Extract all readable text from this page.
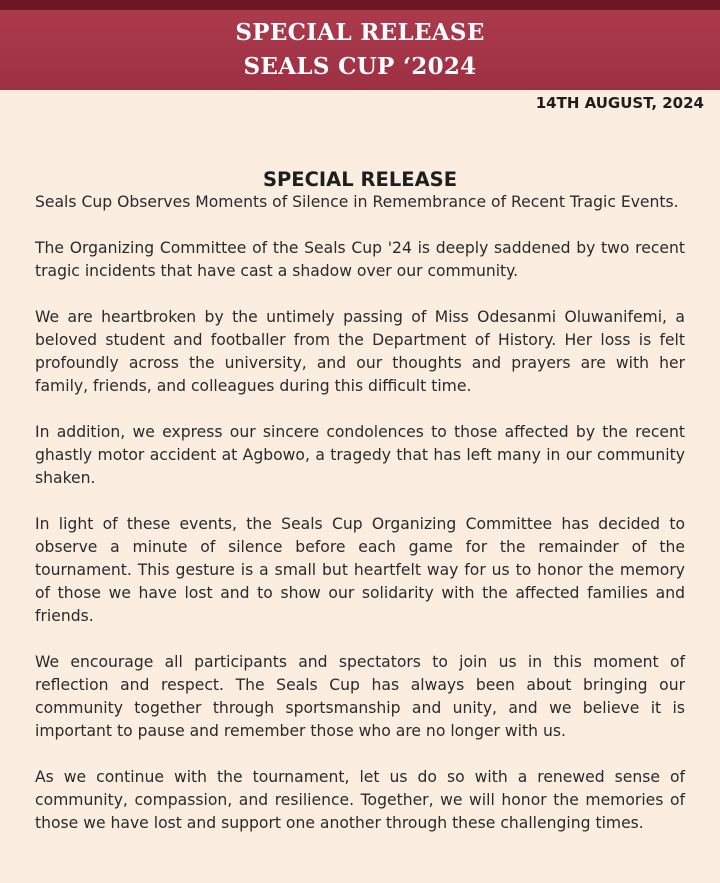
SPECIAL RELEASE
SEALS CUP ‘2024
14TH AUGUST, 2024
SPECIAL RELEASE

Seals Cup Observes Moments of Silence in Remembrance of Recent Tragic Events.

The Organizing Committee of the Seals Cup '24 is deeply saddened by two recent tragic incidents that have cast a shadow over our community.

We are heartbroken by the untimely passing of Miss Odesanmi Oluwanifemi, a beloved student and footballer from the Department of History. Her loss is felt profoundly across the university, and our thoughts and prayers are with her family, friends, and colleagues during this difficult time.

In addition, we express our sincere condolences to those affected by the recent ghastly motor accident at Agbowo, a tragedy that has left many in our community shaken.

In light of these events, the Seals Cup Organizing Committee has decided to observe a minute of silence before each game for the remainder of the tournament. This gesture is a small but heartfelt way for us to honor the memory of those we have lost and to show our solidarity with the affected families and friends.

We encourage all participants and spectators to join us in this moment of reflection and respect. The Seals Cup has always been about bringing our community together through sportsmanship and unity, and we believe it is important to pause and remember those who are no longer with us.

As we continue with the tournament, let us do so with a renewed sense of community, compassion, and resilience. Together, we will honor the memories of those we have lost and support one another through these challenging times.
